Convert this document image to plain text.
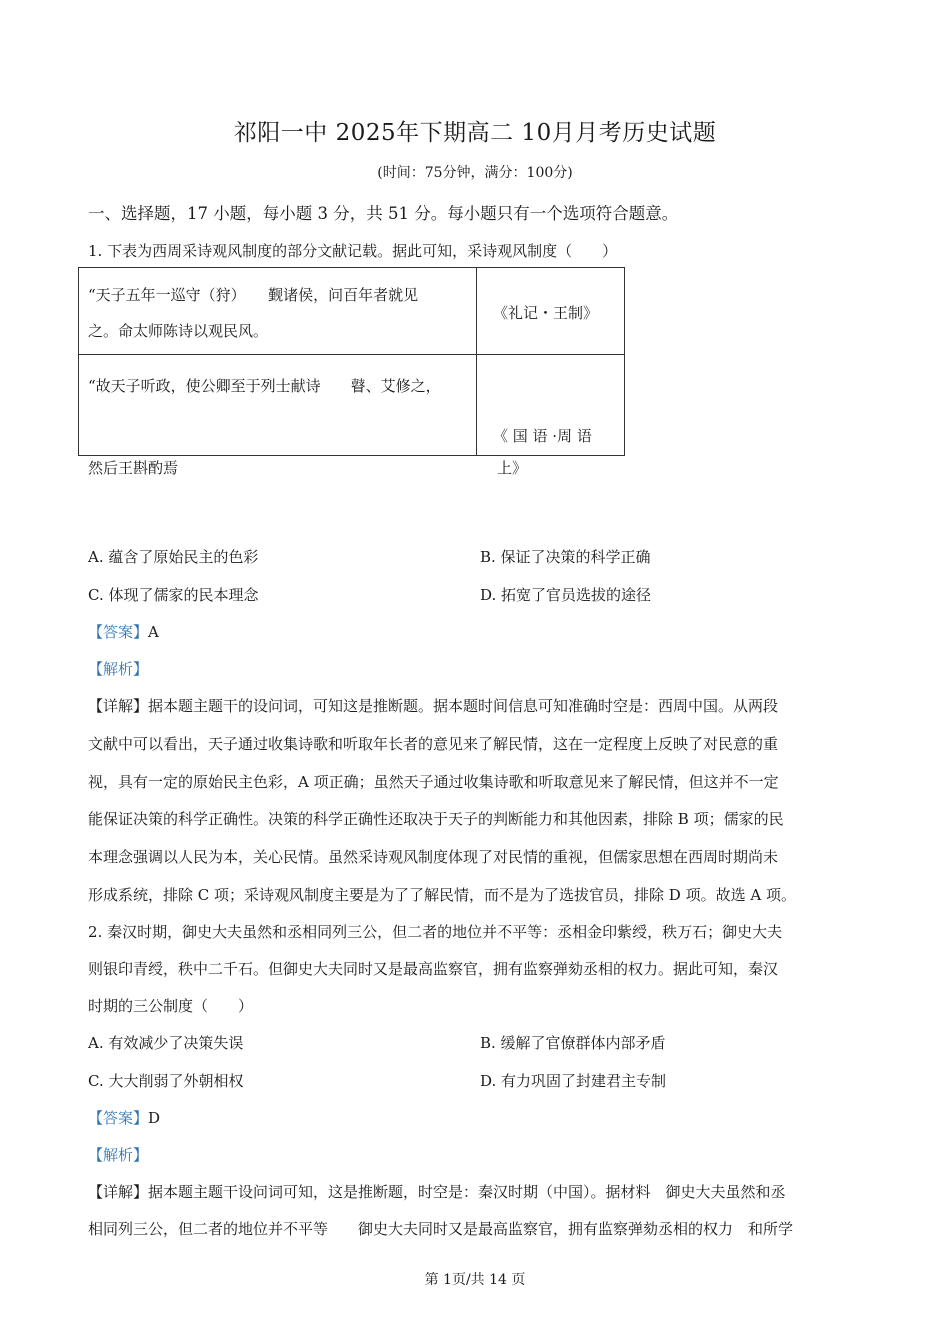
祁阳一中 2025年下期高二 10月月考历史试题
(时间：75分钟，满分：100分)
一、选择题，17 小题，每小题 3 分，共 51 分。每小题只有一个选项符合题意。
1. 下表为西周采诗观风制度的部分文献记载。据此可知，采诗观风制度（　　）
“天子五年一巡守（狩）　　觐诸侯，问百年者就见
之。命太师陈诗以观民风。
《礼记・王制》
“故天子听政，使公卿至于列士献诗　　瞽、艾修之，
然后王斟酌焉
《 国 语 ·周 语
上》
A. 蕴含了原始民主的色彩	B. 保证了决策的科学正确
C. 体现了儒家的民本理念	D. 拓宽了官员选拔的途径
【答案】A
【解析】
【详解】据本题主题干的设问词，可知这是推断题。据本题时间信息可知准确时空是：西周中国。从两段
文献中可以看出，天子通过收集诗歌和听取年长者的意见来了解民情，这在一定程度上反映了对民意的重
视，具有一定的原始民主色彩，A 项正确；虽然天子通过收集诗歌和听取意见来了解民情，但这并不一定
能保证决策的科学正确性。决策的科学正确性还取决于天子的判断能力和其他因素，排除 B 项；儒家的民
本理念强调以人民为本，关心民情。虽然采诗观风制度体现了对民情的重视，但儒家思想在西周时期尚未
形成系统，排除 C 项；采诗观风制度主要是为了了解民情，而不是为了选拔官员，排除 D 项。故选 A 项。
2. 秦汉时期，御史大夫虽然和丞相同列三公，但二者的地位并不平等：丞相金印紫绶，秩万石；御史大夫
则银印青绶，秩中二千石。但御史大夫同时又是最高监察官，拥有监察弹劾丞相的权力。据此可知，秦汉
时期的三公制度（　　）
A. 有效减少了决策失误	B. 缓解了官僚群体内部矛盾
C. 大大削弱了外朝相权	D. 有力巩固了封建君主专制
【答案】D
【解析】
【详解】据本题主题干设问词可知，这是推断题，时空是：秦汉时期（中国）。据材料　御史大夫虽然和丞
相同列三公，但二者的地位并不平等　　御史大夫同时又是最高监察官，拥有监察弹劾丞相的权力　和所学
第 1页/共 14 页
